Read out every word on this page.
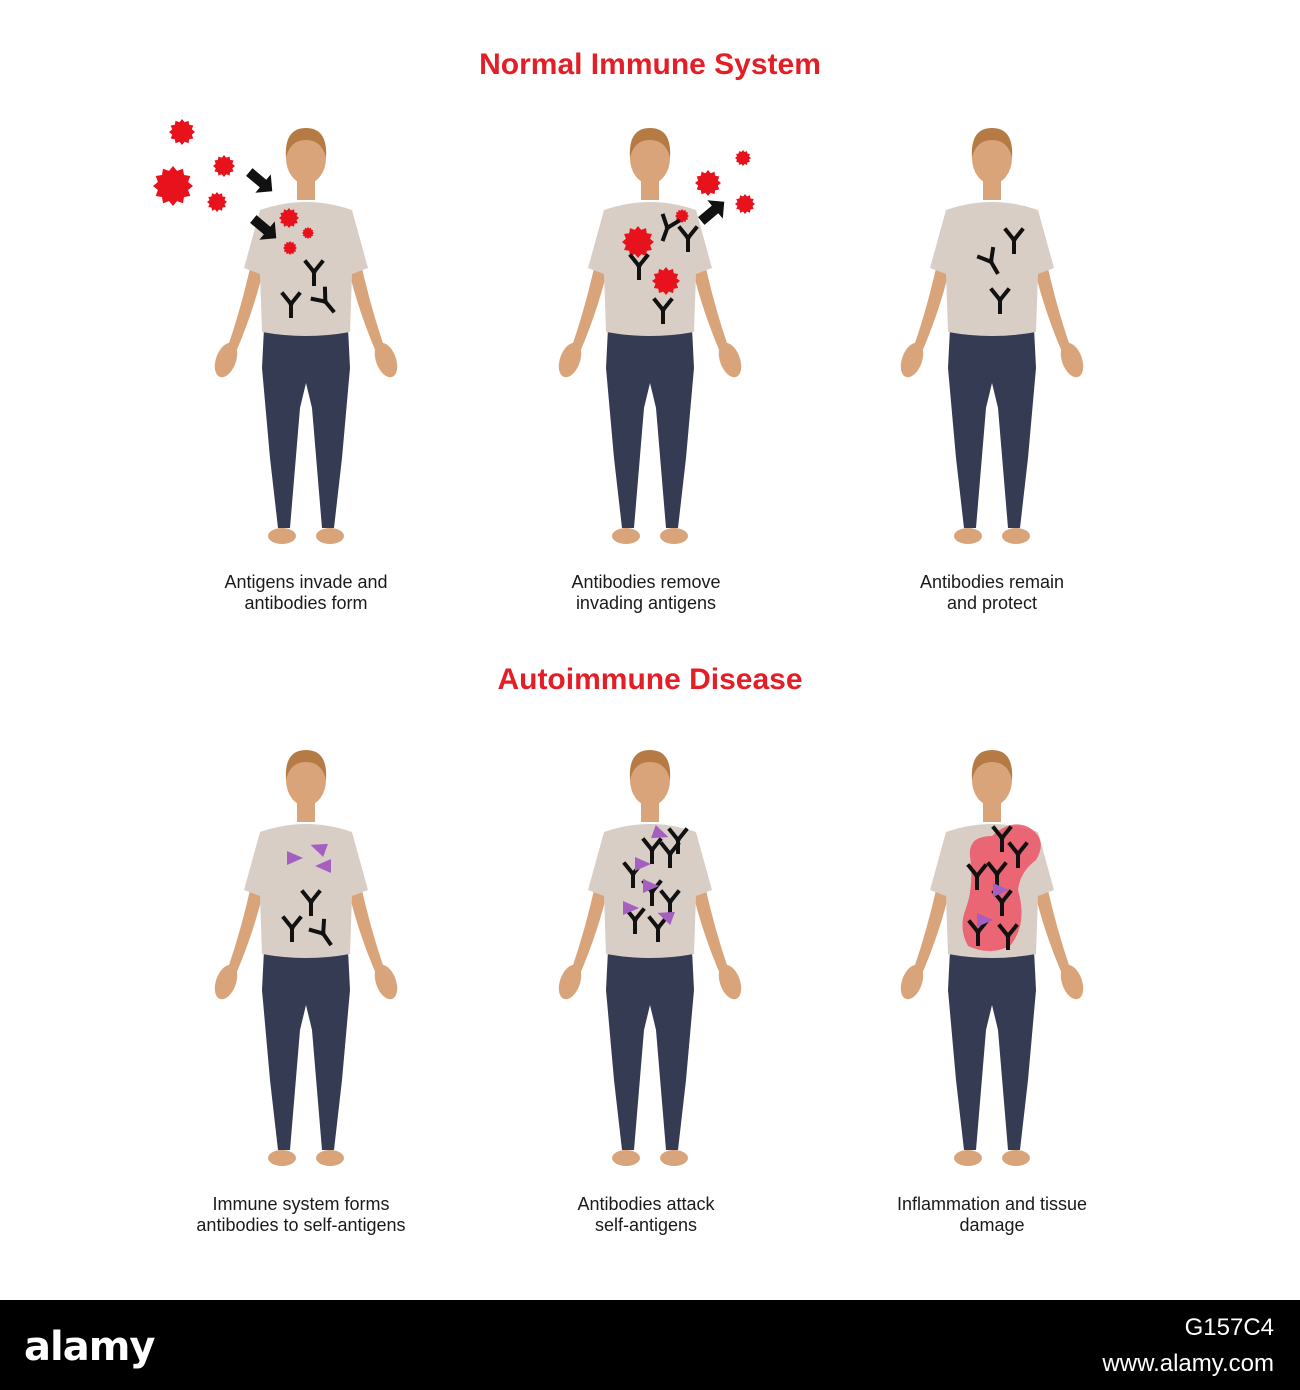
Normal Immune System
Antigens invade and
antibodies form
Antibodies remove
invading antigens
Antibodies remain
and protect
Autoimmune Disease
Immune system forms
antibodies to self-antigens
Antibodies attack
self-antigens
Inflammation and tissue
damage
alamy	G157C4
www.alamy.com
